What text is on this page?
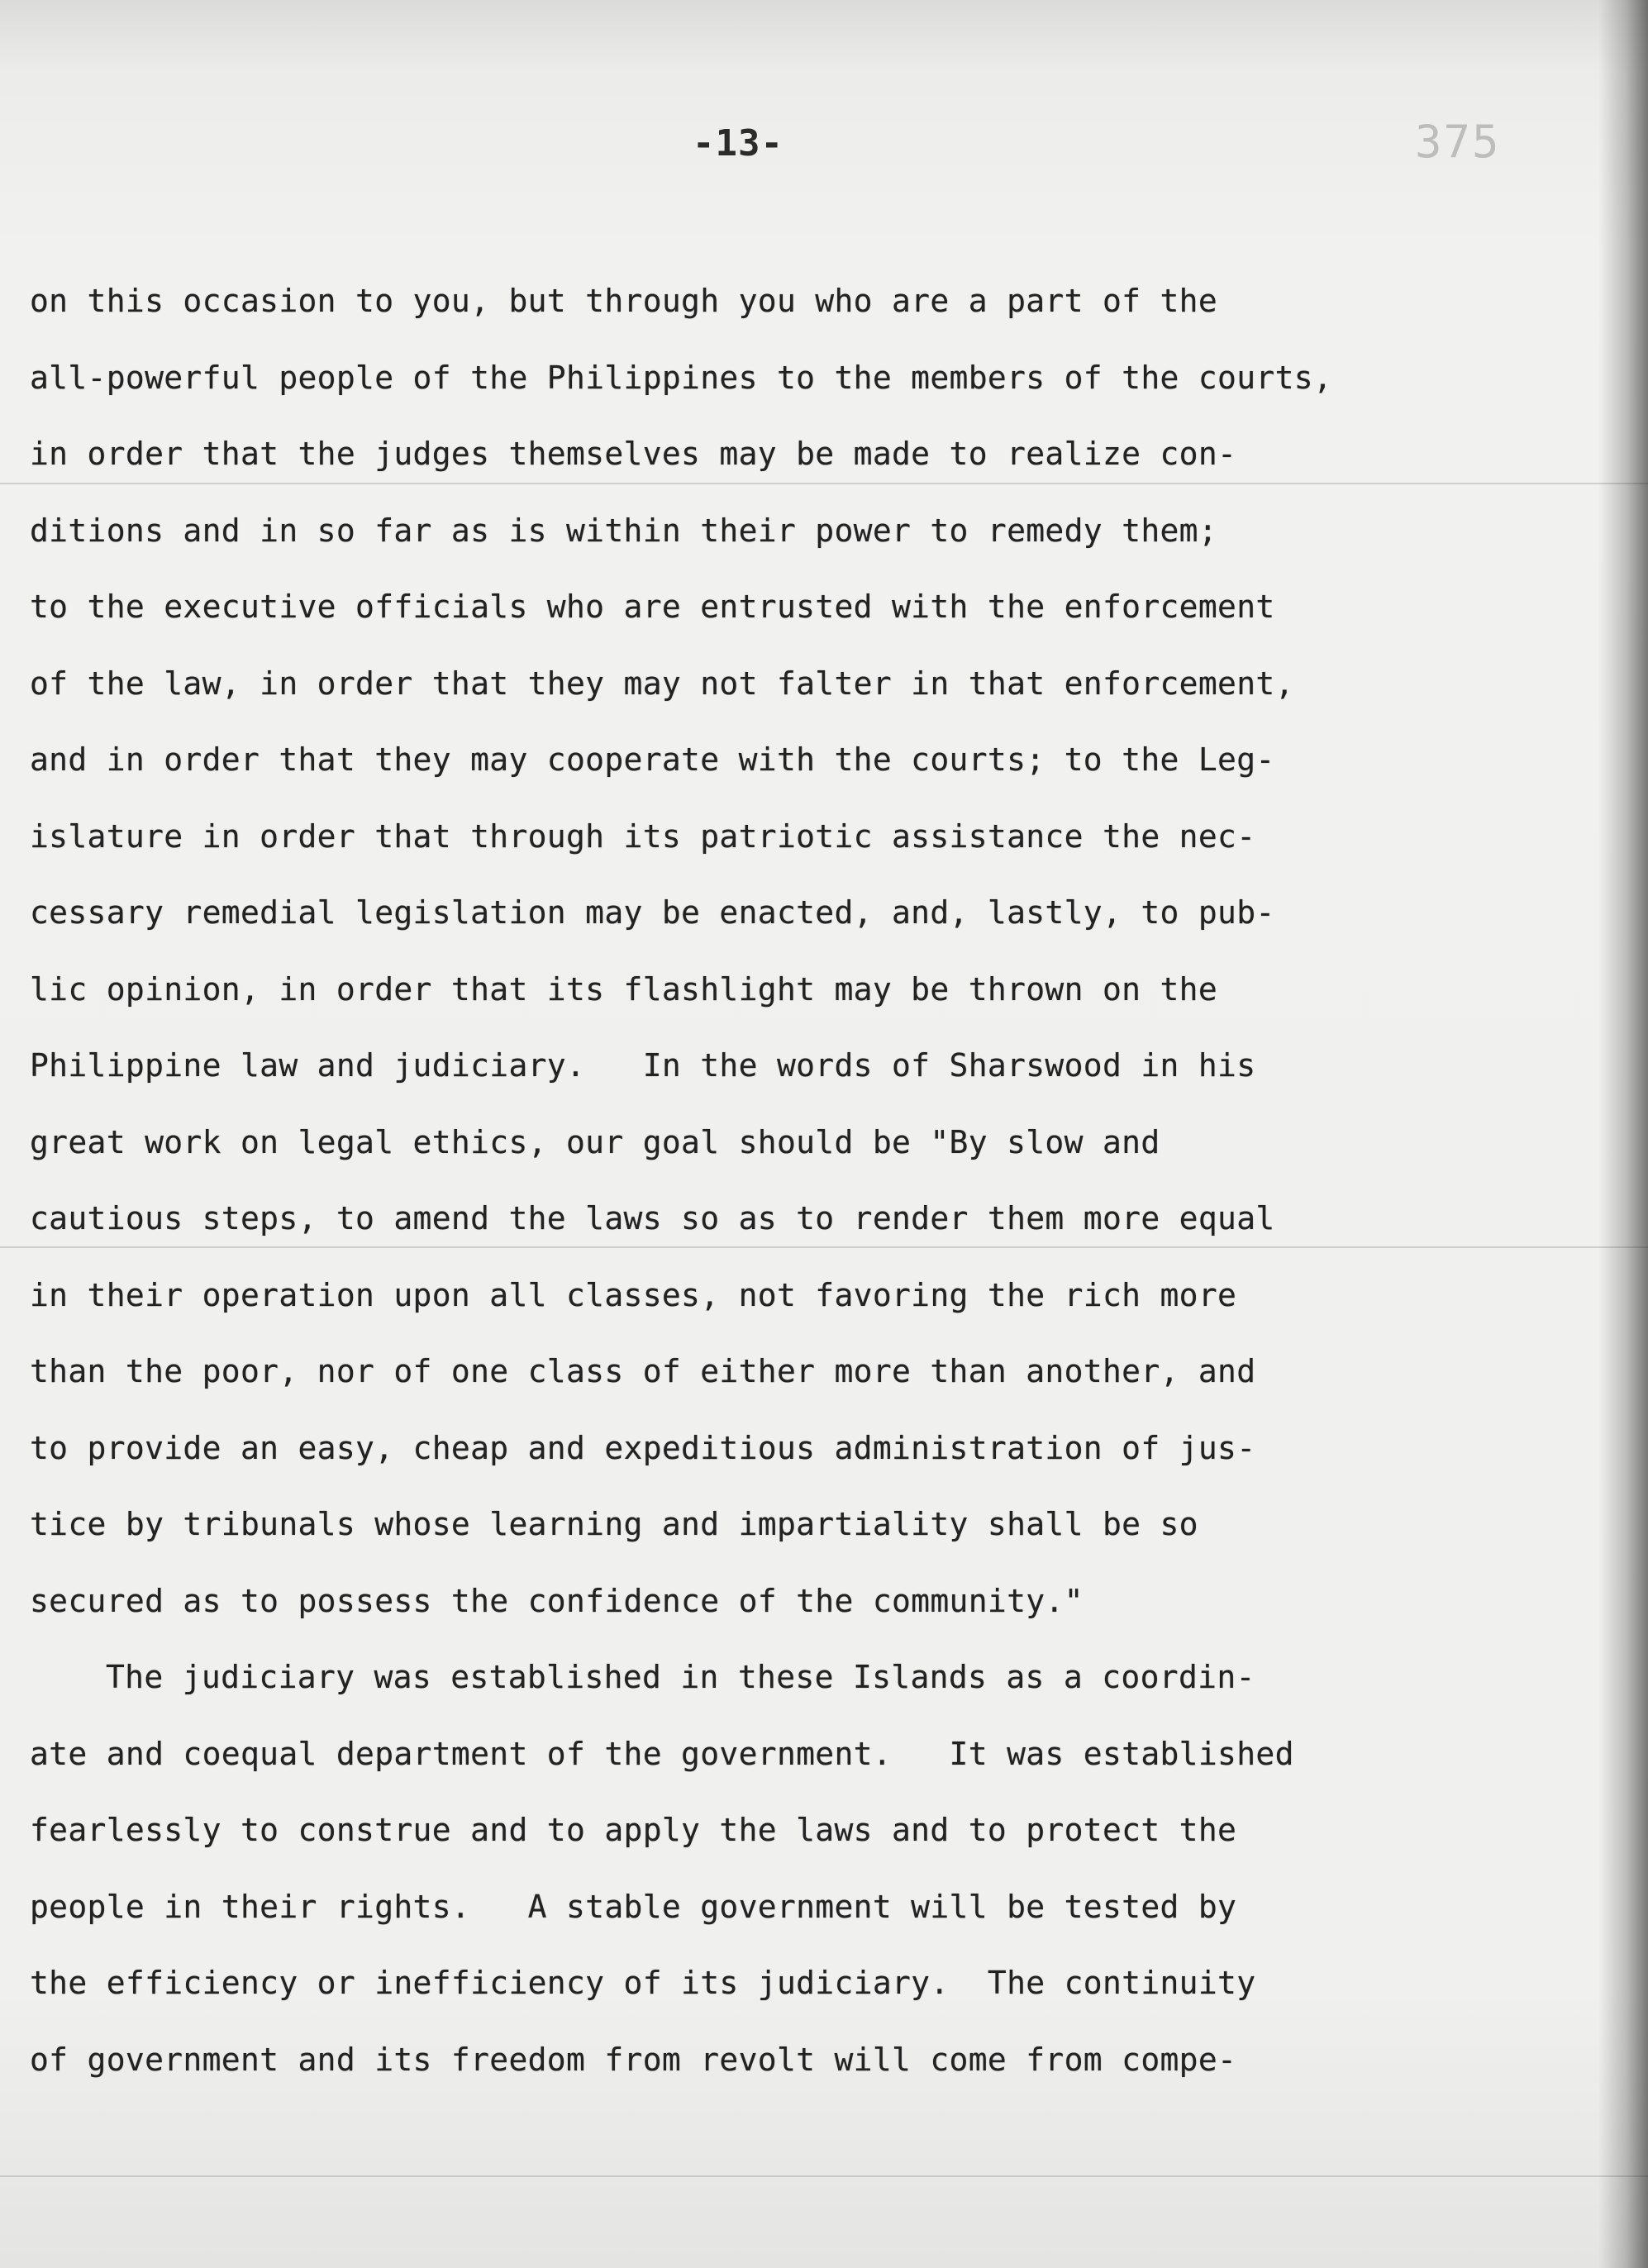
-13-	375
on this occasion to you, but through you who are a part of the
all-powerful people of the Philippines to the members of the courts,
in order that the judges themselves may be made to realize con-
ditions and in so far as is within their power to remedy them;
to the executive officials who are entrusted with the enforcement
of the law, in order that they may not falter in that enforcement,
and in order that they may cooperate with the courts; to the Leg-
islature in order that through its patriotic assistance the nec-
cessary remedial legislation may be enacted, and, lastly, to pub-
lic opinion, in order that its flashlight may be thrown on the
Philippine law and judiciary.   In the words of Sharswood in his
great work on legal ethics, our goal should be "By slow and
cautious steps, to amend the laws so as to render them more equal
in their operation upon all classes, not favoring the rich more
than the poor, nor of one class of either more than another, and
to provide an easy, cheap and expeditious administration of jus-
tice by tribunals whose learning and impartiality shall be so
secured as to possess the confidence of the community."
The judiciary was established in these Islands as a coordin-
ate and coequal department of the government.   It was established
fearlessly to construe and to apply the laws and to protect the
people in their rights.   A stable government will be tested by
the efficiency or inefficiency of its judiciary.  The continuity
of government and its freedom from revolt will come from compe-
